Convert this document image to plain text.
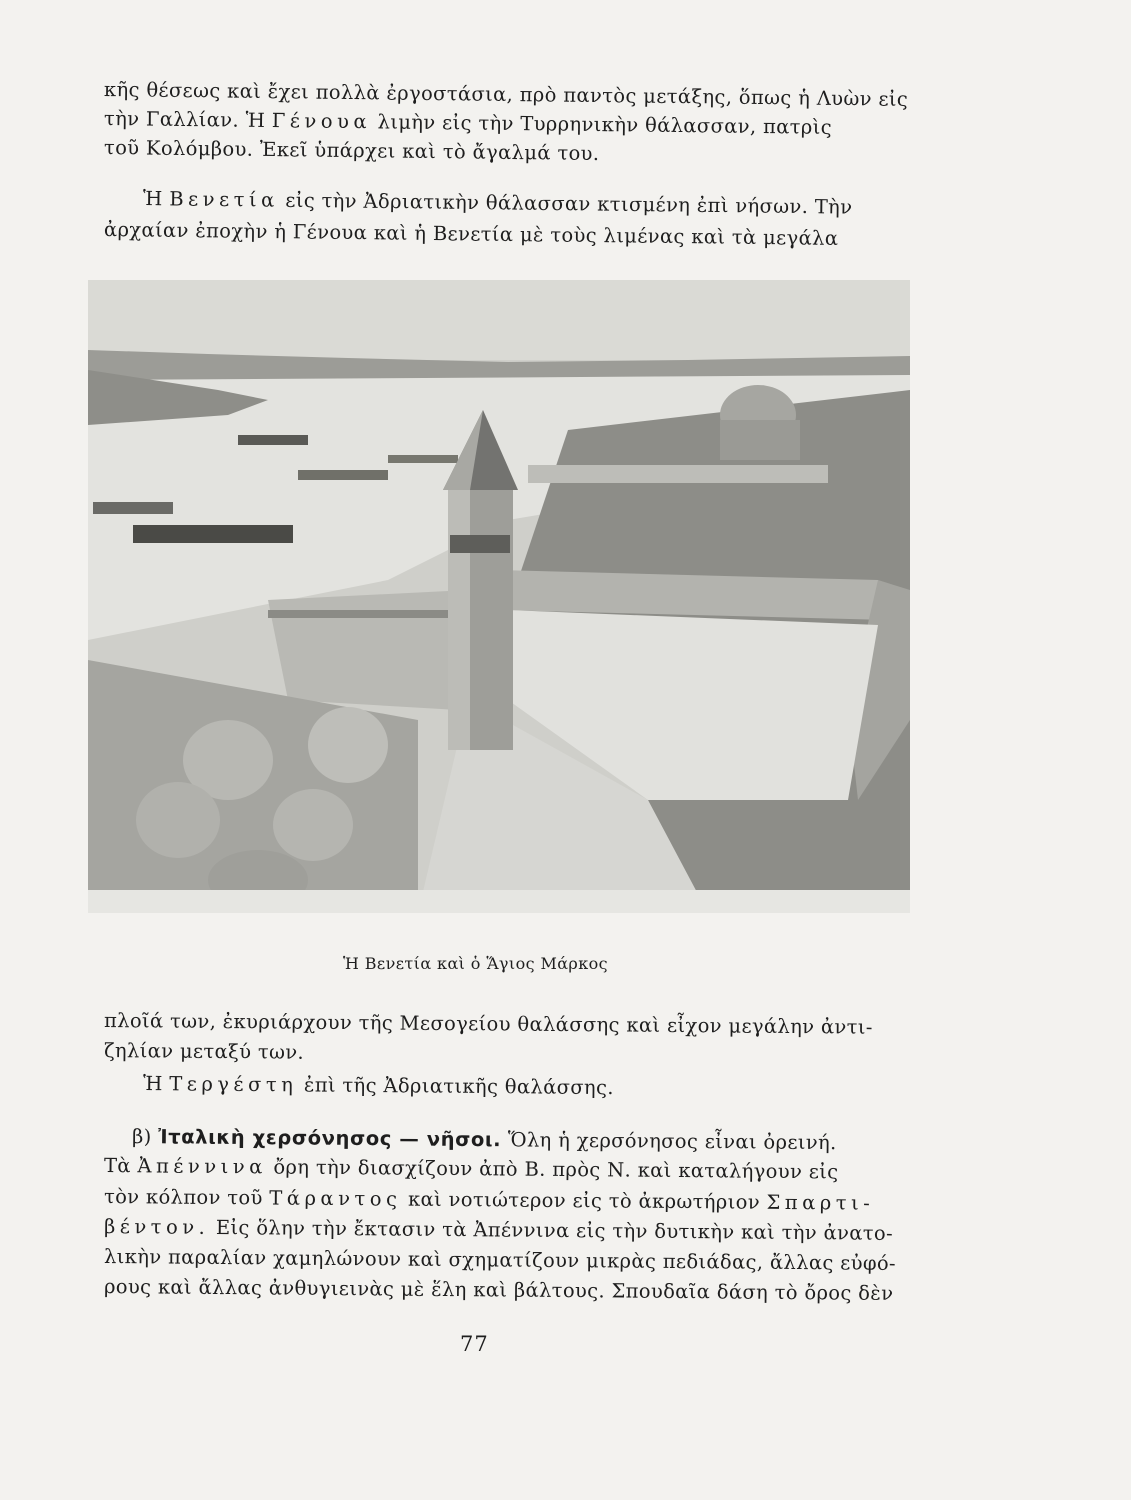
κῆς θέσεως καὶ ἔχει πολλὰ ἐργοστάσια, πρὸ παντὸς μετάξης, ὅπως ἡ Λυὼν εἰς
τὴν Γαλλίαν. Ἡ Γένουα λιμὴν εἰς τὴν Τυρρηνικὴν θάλασσαν, πατρὶς
τοῦ Κολόμβου. Ἐκεῖ ὑπάρχει καὶ τὸ ἄγαλμά του.
Ἡ Βενετία εἰς τὴν Ἀδριατικὴν θάλασσαν κτισμένη ἐπὶ νήσων. Τὴν
ἀρχαίαν ἐποχὴν ἡ Γένουα καὶ ἡ Βενετία μὲ τοὺς λιμένας καὶ τὰ μεγάλα
Ἡ Βενετία καὶ ὁ Ἅγιος Μάρκος
πλοῖά των, ἐκυριάρχουν τῆς Μεσογείου θαλάσσης καὶ εἶχον μεγάλην ἀντι-
ζηλίαν μεταξύ των.
Ἡ Τεργέστη ἐπὶ τῆς Ἀδριατικῆς θαλάσσης.
β) Ἰταλικὴ χερσόνησος — νῆσοι. Ὅλη ἡ χερσόνησος εἶναι ὀρεινή.
Τὰ Ἀπέννινα ὄρη τὴν διασχίζουν ἀπὸ Β. πρὸς Ν. καὶ καταλήγουν εἰς
τὸν κόλπον τοῦ Τάραντος καὶ νοτιώτερον εἰς τὸ ἀκρωτήριον Σπαρτι-
βέντον. Εἰς ὅλην τὴν ἔκτασιν τὰ Ἀπέννινα εἰς τὴν δυτικὴν καὶ τὴν ἀνατο-
λικὴν παραλίαν χαμηλώνουν καὶ σχηματίζουν μικρὰς πεδιάδας, ἄλλας εὐφό-
ρους καὶ ἄλλας ἀνθυγιεινὰς μὲ ἕλη καὶ βάλτους. Σπουδαῖα δάση τὸ ὄρος δὲν
77
